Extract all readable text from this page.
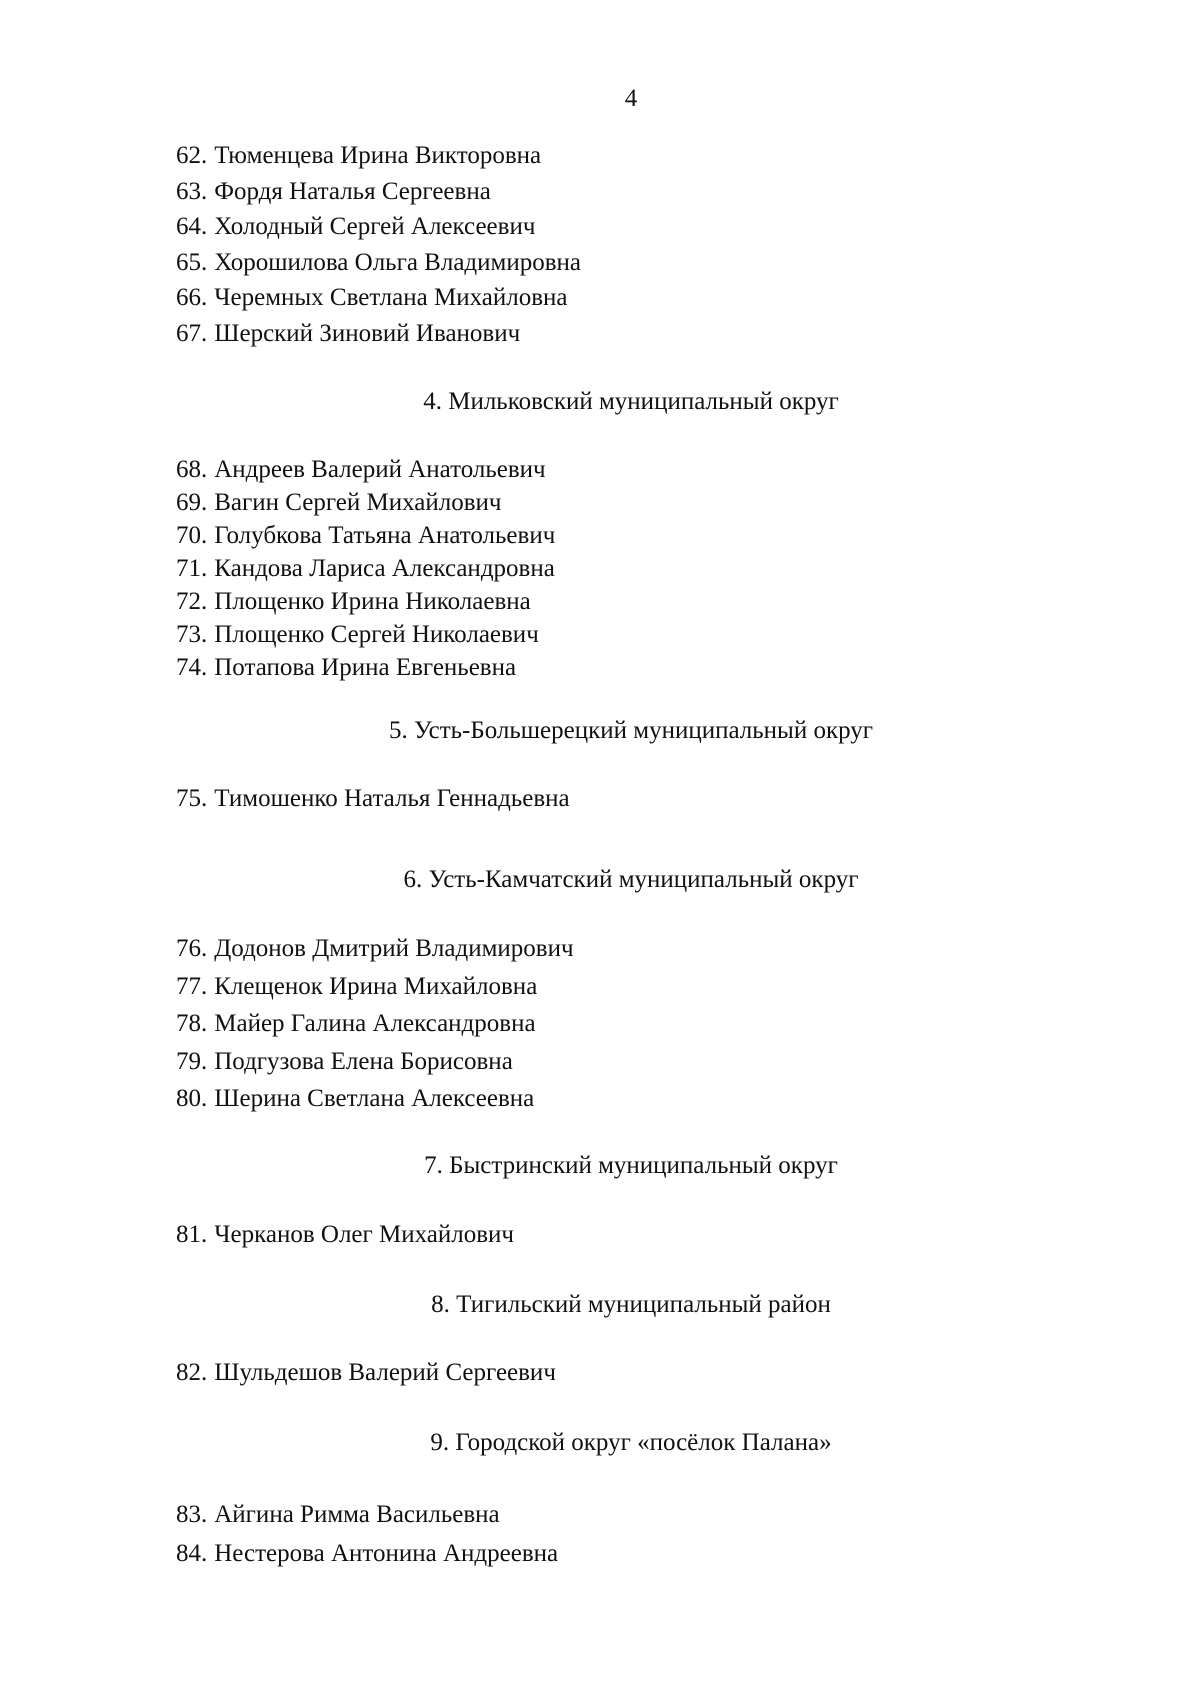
4
62. Тюменцева Ирина Викторовна
63. Фордя Наталья Сергеевна
64. Холодный Сергей Алексеевич
65. Хорошилова Ольга Владимировна
66. Черемных Светлана Михайловна
67. Шерский Зиновий Иванович

4. Мильковский муниципальный округ

68. Андреев Валерий Анатольевич
69. Вагин Сергей Михайлович
70. Голубкова Татьяна Анатольевич
71. Кандова Лариса Александровна
72. Площенко Ирина Николаевна
73. Площенко Сергей Николаевич
74. Потапова Ирина Евгеньевна

5. Усть-Большерецкий муниципальный округ

75. Тимошенко Наталья Геннадьевна

6. Усть-Камчатский муниципальный округ

76. Додонов Дмитрий Владимирович
77. Клещенок Ирина Михайловна
78. Майер Галина Александровна
79. Подгузова Елена Борисовна
80. Шерина Светлана Алексеевна

7. Быстринский муниципальный округ

81. Черканов Олег Михайлович

8. Тигильский муниципальный район

82. Шульдешов Валерий Сергеевич

9. Городской округ «посёлок Палана»

83. Айгина Римма Васильевна
84. Нестерова Антонина Андреевна
